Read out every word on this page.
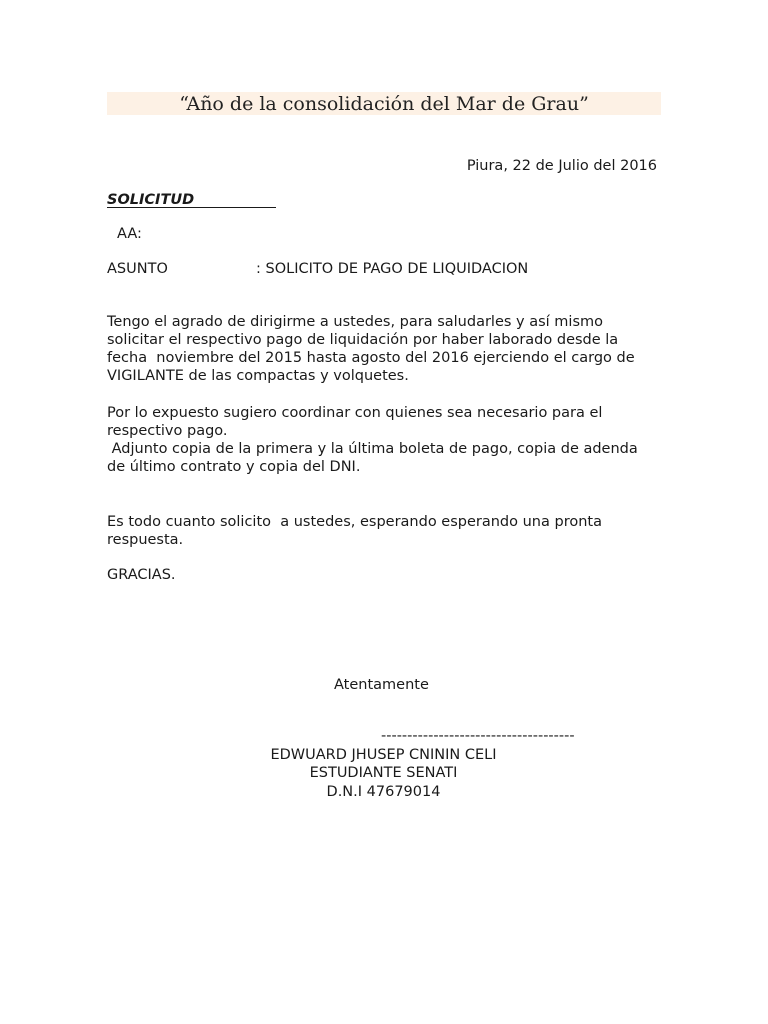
“Año de la consolidación del Mar de Grau”
Piura, 22 de Julio del 2016
SOLICITUD
AA:
ASUNTO	: SOLICITO DE PAGO DE LIQUIDACION
Tengo el agrado de dirigirme a ustedes, para saludarles y así mismo
solicitar el respectivo pago de liquidación por haber laborado desde la
fecha  noviembre del 2015 hasta agosto del 2016 ejerciendo el cargo de
VIGILANTE de las compactas y volquetes.
Por lo expuesto sugiero coordinar con quienes sea necesario para el
respectivo pago.
Adjunto copia de la primera y la última boleta de pago, copia de adenda
de último contrato y copia del DNI.
Es todo cuanto solicito  a ustedes, esperando esperando una pronta
respuesta.
GRACIAS.
Atentamente
-------------------------------------
EDWUARD JHUSEP CNININ CELI
ESTUDIANTE SENATI
D.N.I 47679014
